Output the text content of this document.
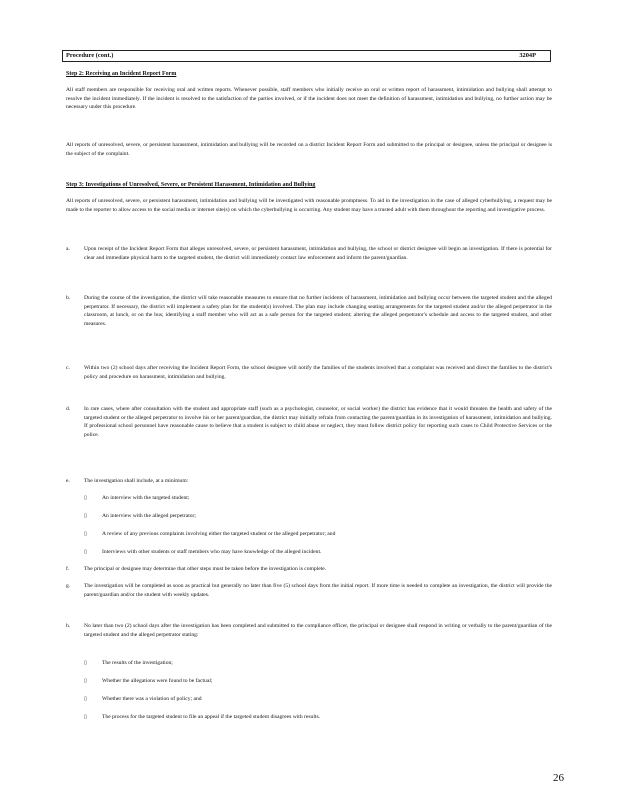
Procedure (cont.)	3204P
Step 2: Receiving an Incident Report Form
All staff members are responsible for receiving oral and written reports. Whenever possible, staff members who initially receive an oral or written report of harassment, intimidation and bullying shall attempt to resolve the incident immediately. If the incident is resolved to the satisfaction of the parties involved, or if the incident does not meet the definition of harassment, intimidation and bullying, no further action may be necessary under this procedure.
All reports of unresolved, severe, or persistent harassment, intimidation and bullying will be recorded on a district Incident Report Form and submitted to the principal or designee, unless the principal or designee is the subject of the complaint.
Step 3: Investigations of Unresolved, Severe, or Persistent Harassment, Intimidation and Bullying
All reports of unresolved, severe, or persistent harassment, intimidation and bullying will be investigated with reasonable promptness. To aid in the investigation in the case of alleged cyberbullying, a request may be made to the reporter to allow access to the social media or internet site(s) on which the cyberbullying is occurring. Any student may have a trusted adult with them throughout the reporting and investigative process.
a.	Upon receipt of the Incident Report Form that alleges unresolved, severe, or persistent harassment, intimidation and bullying, the school or district designee will begin an investigation. If there is potential for clear and immediate physical harm to the targeted student, the district will immediately contact law enforcement and inform the parent/guardian.
b.	During the course of the investigation, the district will take reasonable measures to ensure that no further incidents of harassment, intimidation and bullying occur between the targeted student and the alleged perpetrator. If necessary, the district will implement a safety plan for the student(s) involved. The plan may include changing seating arrangements for the targeted student and/or the alleged perpetrator in the classroom, at lunch, or on the bus; identifying a staff member who will act as a safe person for the targeted student; altering the alleged perpetrator's schedule and access to the targeted student, and other measures.
c.	Within two (2) school days after receiving the Incident Report Form, the school designee will notify the families of the students involved that a complaint was received and direct the families to the district's policy and procedure on harassment, intimidation and bullying.
d.	In rare cases, where after consultation with the student and appropriate staff (such as a psychologist, counselor, or social worker) the district has evidence that it would threaten the health and safety of the targeted student or the alleged perpetrator to involve his or her parent/guardian, the district may initially refrain from contacting the parent/guardian in its investigation of harassment, intimidation and bullying. If professional school personnel have reasonable cause to believe that a student is subject to child abuse or neglect, they must follow district policy for reporting such cases to Child Protective Services or the police.
e.	The investigation shall include, at a minimum:
▯	An interview with the targeted student;
▯	An interview with the alleged perpetrator;
▯	A review of any previous complaints involving either the targeted student or the alleged perpetrator; and
▯	Interviews with other students or staff members who may have knowledge of the alleged incident.
f.	The principal or designee may determine that other steps must be taken before the investigation is complete.
g.	The investigation will be completed as soon as practical but generally no later than five (5) school days from the initial report. If more time is needed to complete an investigation, the district will provide the parent/guardian and/or the student with weekly updates.
h.	No later than two (2) school days after the investigation has been completed and submitted to the compliance officer, the principal or designee shall respond in writing or verbally to the parent/guardian of the targeted student and the alleged perpetrator stating:
▯	The results of the investigation;
▯	Whether the allegations were found to be factual;
▯	Whether there was a violation of policy; and
▯	The process for the targeted student to file an appeal if the targeted student disagrees with results.
26
